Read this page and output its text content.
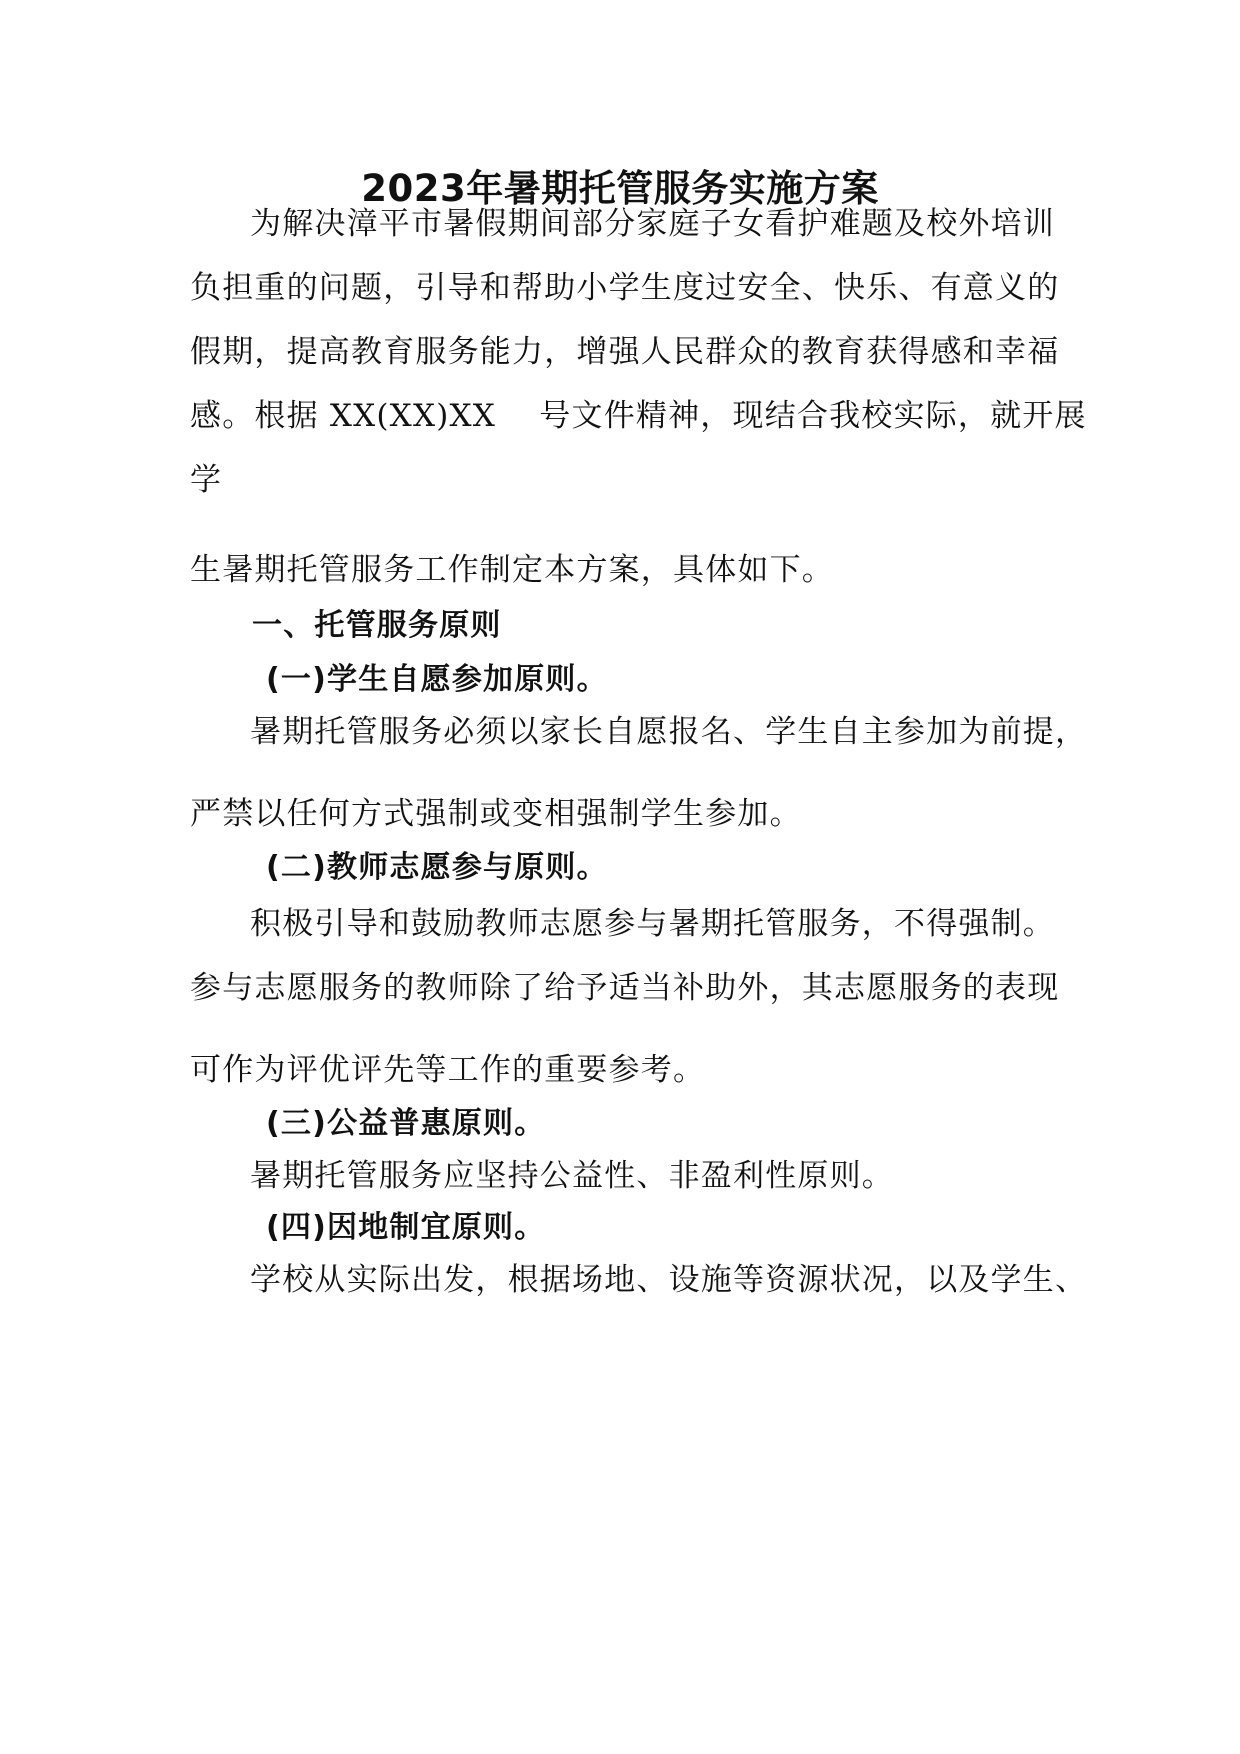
2023年暑期托管服务实施方案
为解决漳平市暑假期间部分家庭子女看护难题及校外培训
负担重的问题，引导和帮助小学生度过安全、快乐、有意义的
假期，提高教育服务能力，增强人民群众的教育获得感和幸福
感。根据 XX(XX)XX　 号文件精神，现结合我校实际，就开展
学
生暑期托管服务工作制定本方案，具体如下。
一、托管服务原则
(一)学生自愿参加原则。
暑期托管服务必须以家长自愿报名、学生自主参加为前提，
严禁以任何方式强制或变相强制学生参加。
(二)教师志愿参与原则。
积极引导和鼓励教师志愿参与暑期托管服务，不得强制。
参与志愿服务的教师除了给予适当补助外，其志愿服务的表现
可作为评优评先等工作的重要参考。
(三)公益普惠原则。
暑期托管服务应坚持公益性、非盈利性原则。
(四)因地制宜原则。
学校从实际出发，根据场地、设施等资源状况，以及学生、
